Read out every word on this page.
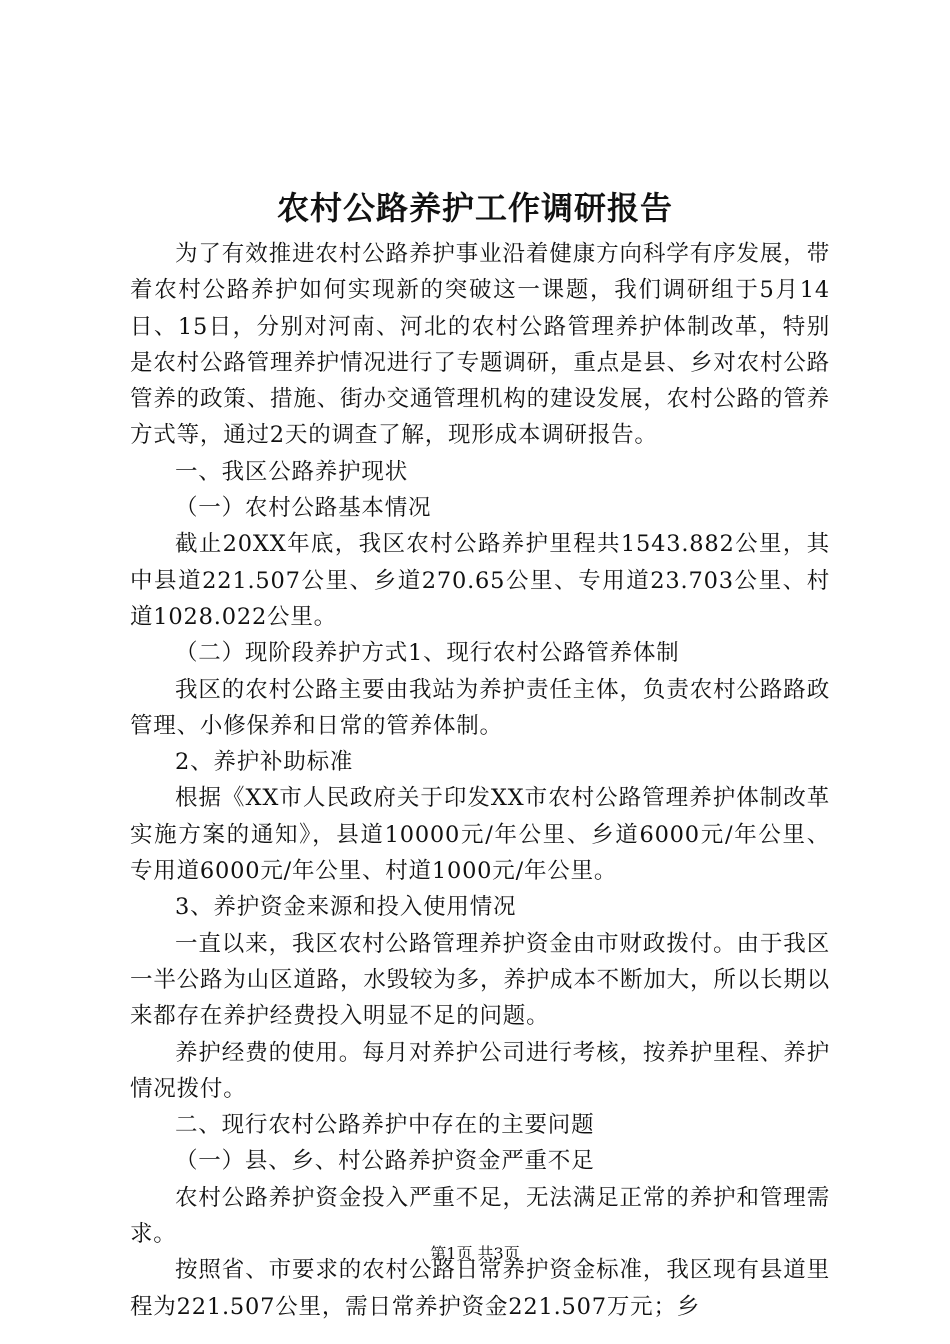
农村公路养护工作调研报告

为了有效推进农村公路养护事业沿着健康方向科学有序发展，带着农村公路养护如何实现新的突破这一课题，我们调研组于5月14日、15日，分别对河南、河北的农村公路管理养护体制改革，特别是农村公路管理养护情况进行了专题调研，重点是县、乡对农村公路管养的政策、措施、街办交通管理机构的建设发展，农村公路的管养方式等，通过2天的调查了解，现形成本调研报告。

一、我区公路养护现状

（一）农村公路基本情况

截止20XX年底，我区农村公路养护里程共1543.882公里，其中县道221.507公里、乡道270.65公里、专用道23.703公里、村道1028.022公里。

（二）现阶段养护方式1、现行农村公路管养体制

我区的农村公路主要由我站为养护责任主体，负责农村公路路政管理、小修保养和日常的管养体制。

2、养护补助标准

根据《XX市人民政府关于印发XX市农村公路管理养护体制改革实施方案的通知》，县道10000元/年公里、乡道6000元/年公里、专用道6000元/年公里、村道1000元/年公里。

3、养护资金来源和投入使用情况

一直以来，我区农村公路管理养护资金由市财政拨付。由于我区一半公路为山区道路，水毁较为多，养护成本不断加大，所以长期以来都存在养护经费投入明显不足的问题。

养护经费的使用。每月对养护公司进行考核，按养护里程、养护情况拨付。

二、现行农村公路养护中存在的主要问题

（一）县、乡、村公路养护资金严重不足

农村公路养护资金投入严重不足，无法满足正常的养护和管理需求。

按照省、市要求的农村公路日常养护资金标准，我区现有县道里程为221.507公里，需日常养护资金221.507万元；乡

第1页 共3页
